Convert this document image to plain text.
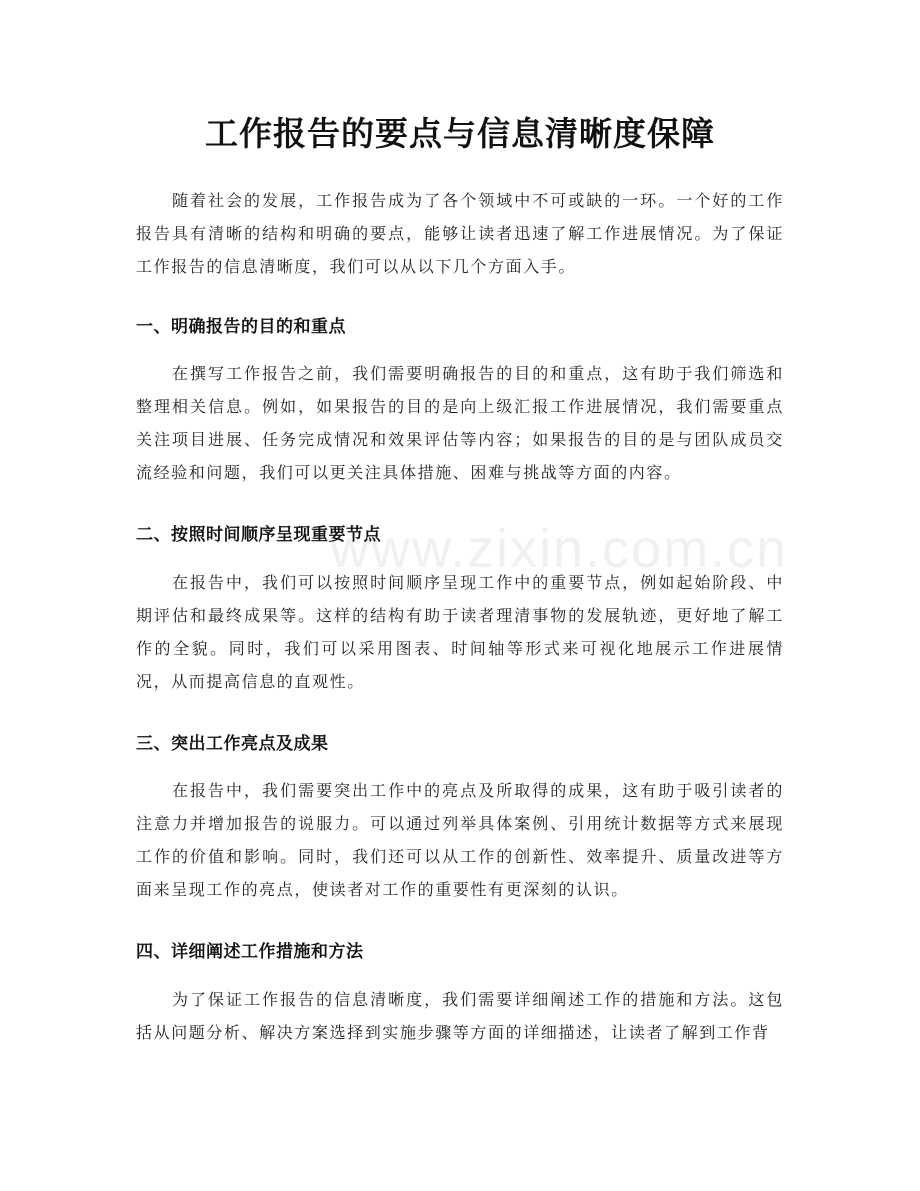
www.zixin.com.cn
工作报告的要点与信息清晰度保障

随着社会的发展，工作报告成为了各个领域中不可或缺的一环。一个好的工作报告具有清晰的结构和明确的要点，能够让读者迅速了解工作进展情况。为了保证工作报告的信息清晰度，我们可以从以下几个方面入手。

一、明确报告的目的和重点

在撰写工作报告之前，我们需要明确报告的目的和重点，这有助于我们筛选和整理相关信息。例如，如果报告的目的是向上级汇报工作进展情况，我们需要重点关注项目进展、任务完成情况和效果评估等内容；如果报告的目的是与团队成员交流经验和问题，我们可以更关注具体措施、困难与挑战等方面的内容。

二、按照时间顺序呈现重要节点

在报告中，我们可以按照时间顺序呈现工作中的重要节点，例如起始阶段、中期评估和最终成果等。这样的结构有助于读者理清事物的发展轨迹，更好地了解工作的全貌。同时，我们可以采用图表、时间轴等形式来可视化地展示工作进展情况，从而提高信息的直观性。

三、突出工作亮点及成果

在报告中，我们需要突出工作中的亮点及所取得的成果，这有助于吸引读者的注意力并增加报告的说服力。可以通过列举具体案例、引用统计数据等方式来展现工作的价值和影响。同时，我们还可以从工作的创新性、效率提升、质量改进等方面来呈现工作的亮点，使读者对工作的重要性有更深刻的认识。

四、详细阐述工作措施和方法

为了保证工作报告的信息清晰度，我们需要详细阐述工作的措施和方法。这包括从问题分析、解决方案选择到实施步骤等方面的详细描述，让读者了解到工作背
